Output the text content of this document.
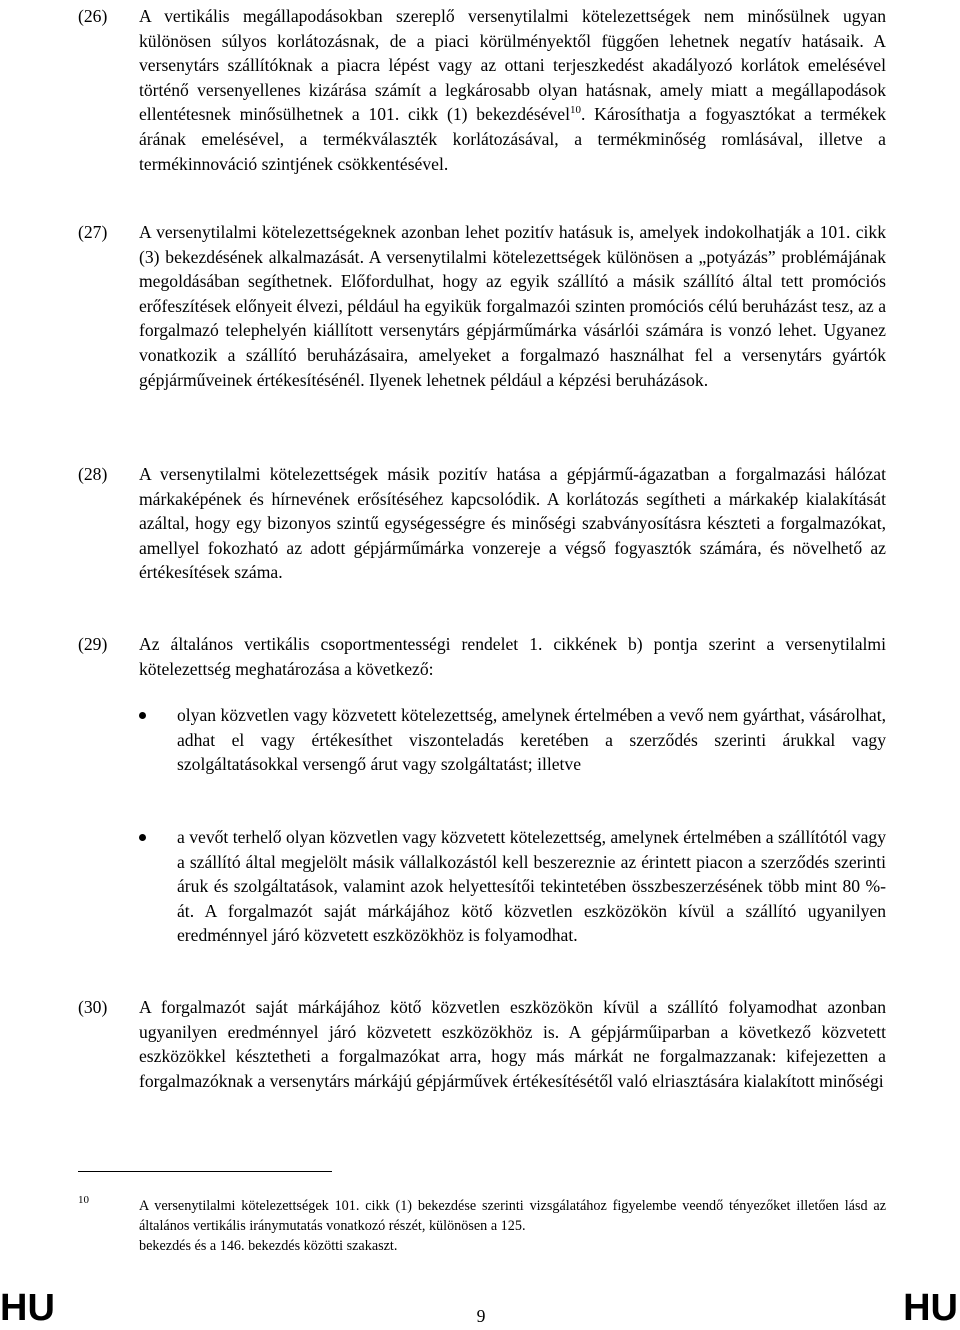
(26)	A vertikális megállapodásokban szereplő versenytilalmi kötelezettségek nem minősülnek ugyan különösen súlyos korlátozásnak, de a piaci körülményektől függően lehetnek negatív hatásaik. A versenytárs szállítóknak a piacra lépést vagy az ottani terjeszkedést akadályozó korlátok emelésével történő versenyellenes kizárása számít a legkárosabb olyan hatásnak, amely miatt a megállapodások ellentétesnek minősülhetnek a 101. cikk (1) bekezdésével$^{10}$. Károsíthatja a fogyasztókat a termékek árának emelésével, a termékválaszték korlátozásával, a termékminőség romlásával, illetve a termékinnováció szintjének csökkentésével.
(27)	A versenytilalmi kötelezettségeknek azonban lehet pozitív hatásuk is, amelyek indokolhatják a 101. cikk (3) bekezdésének alkalmazását. A versenytilalmi kötelezettségek különösen a „potyázás” problémájának megoldásában segíthetnek. Előfordulhat, hogy az egyik szállító a másik szállító által tett promóciós erőfeszítések előnyeit élvezi, például ha egyikük forgalmazói szinten promóciós célú beruházást tesz, az a forgalmazó telephelyén kiállított versenytárs gépjárműmárka vásárlói számára is vonzó lehet. Ugyanez vonatkozik a szállító beruházásaira, amelyeket a forgalmazó használhat fel a versenytárs gyártók gépjárműveinek értékesítésénél. Ilyenek lehetnek például a képzési beruházások.
(28)	A versenytilalmi kötelezettségek másik pozitív hatása a gépjármű-ágazatban a forgalmazási hálózat márkaképének és hírnevének erősítéséhez kapcsolódik. A korlátozás segítheti a márkakép kialakítását azáltal, hogy egy bizonyos szintű egységességre és minőségi szabványosításra készteti a forgalmazókat, amellyel fokozható az adott gépjárműmárka vonzereje a végső fogyasztók számára, és növelhető az értékesítések száma.
(29)	Az általános vertikális csoportmentességi rendelet 1. cikkének b) pontja szerint a versenytilalmi kötelezettség meghatározása a következő:
olyan közvetlen vagy közvetett kötelezettség, amelynek értelmében a vevő nem gyárthat, vásárolhat, adhat el vagy értékesíthet viszonteladás keretében a szerződés szerinti árukkal vagy szolgáltatásokkal versengő árut vagy szolgáltatást; illetve
a vevőt terhelő olyan közvetlen vagy közvetett kötelezettség, amelynek értelmében a szállítótól vagy a szállító által megjelölt másik vállalkozástól kell beszereznie az érintett piacon a szerződés szerinti áruk és szolgáltatások, valamint azok helyettesítői tekintetében összbeszerzésének több mint 80 %-át. A forgalmazót saját márkájához kötő közvetlen eszközökön kívül a szállító ugyanilyen eredménnyel járó közvetett eszközökhöz is folyamodhat.
(30)	A forgalmazót saját márkájához kötő közvetlen eszközökön kívül a szállító folyamodhat azonban ugyanilyen eredménnyel járó közvetett eszközökhöz is. A gépjárműiparban a következő közvetett eszközökkel késztetheti a forgalmazókat arra, hogy más márkát ne forgalmazzanak: kifejezetten a forgalmazóknak a versenytárs márkájú gépjárművek értékesítésétől való elriasztására kialakított minőségi
10	A versenytilalmi kötelezettségek 101. cikk (1) bekezdése szerinti vizsgálatához figyelembe veendő tényezőket illetően lásd az általános vertikális iránymutatás vonatkozó részét, különösen a 125.
bekezdés és a 146. bekezdés közötti szakaszt.
HU	9	HU
